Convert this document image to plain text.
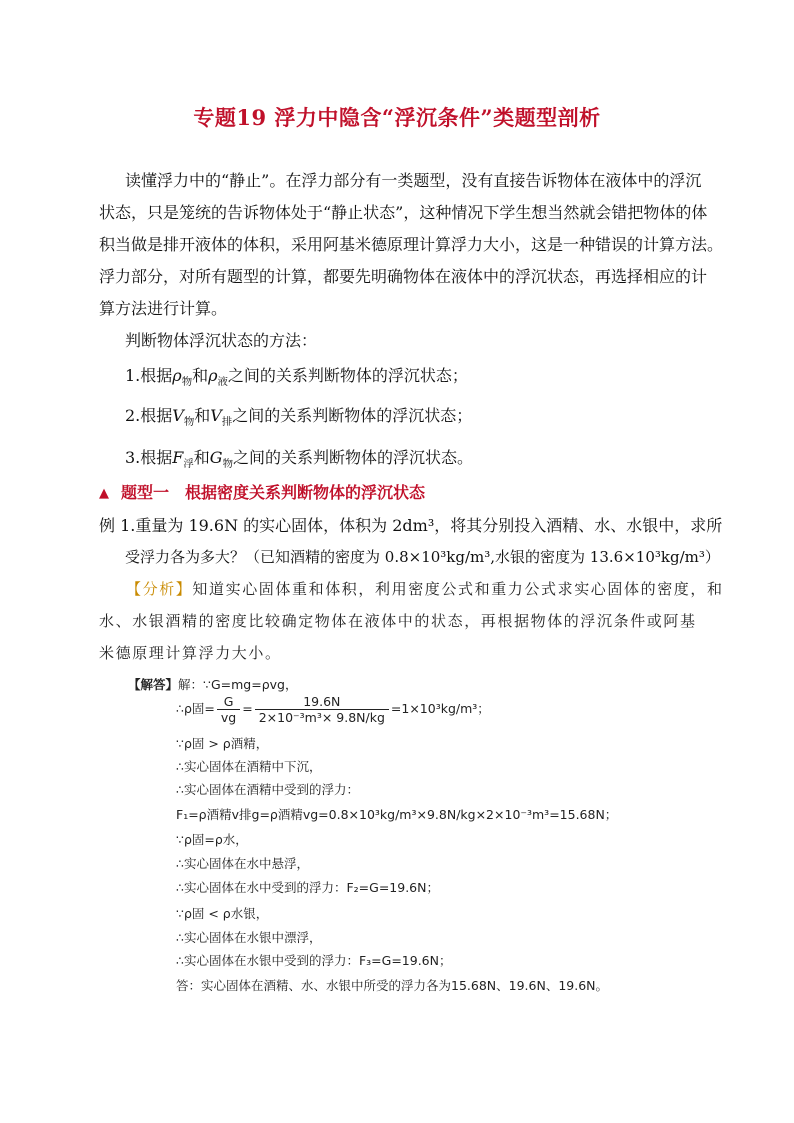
专题19 浮力中隐含“浮沉条件”类题型剖析
读懂浮力中的“静止”。在浮力部分有一类题型，没有直接告诉物体在液体中的浮沉
状态，只是笼统的告诉物体处于“静止状态”，这种情况下学生想当然就会错把物体的体
积当做是排开液体的体积，采用阿基米德原理计算浮力大小，这是一种错误的计算方法。
浮力部分，对所有题型的计算，都要先明确物体在液体中的浮沉状态，再选择相应的计
算方法进行计算。
判断物体浮沉状态的方法：
1.根据$\rho_物$和$\rho_液$之间的关系判断物体的浮沉状态；
2.根据$V_物$和$V_排$之间的关系判断物体的浮沉状态；
3.根据$F_浮$和$G_物$之间的关系判断物体的浮沉状态。
▲ 题型一 根据密度关系判断物体的浮沉状态
例 1.重量为 19.6N 的实心固体，体积为 2dm³，将其分别投入酒精、水、水银中，求所
受浮力各为多大？（已知酒精的密度为 0.8×10³kg/m³,水银的密度为 13.6×10³kg/m³）
【分析】知道实心固体重和体积，利用密度公式和重力公式求实心固体的密度，和
水、水银酒精的密度比较确定物体在液体中的状态，再根据物体的浮沉条件或阿基
米德原理计算浮力大小。
【解答】解：∵G=mg=ρvg，
∴ρ固= $\frac{G}{vg} = \frac{19.6N}{\text{2×10⁻³m³× 9.8N/kg}} =1\times 10^3kg/m^3$；
∵ρ固 > ρ酒精，
∴实心固体在酒精中下沉，
∴实心固体在酒精中受到的浮力：
F₁=ρ酒精v排g=ρ酒精vg=0.8×10³kg/m³×9.8N/kg×2×10⁻³m³=15.68N；
∵ρ固=ρ水，
∴实心固体在水中悬浮，
∴实心固体在水中受到的浮力：F₂=G=19.6N；
∵ρ固 < ρ水银，
∴实心固体在水银中漂浮，
∴实心固体在水银中受到的浮力：F₃=G=19.6N；
答：实心固体在酒精、水、水银中所受的浮力各为15.68N、19.6N、19.6N。
